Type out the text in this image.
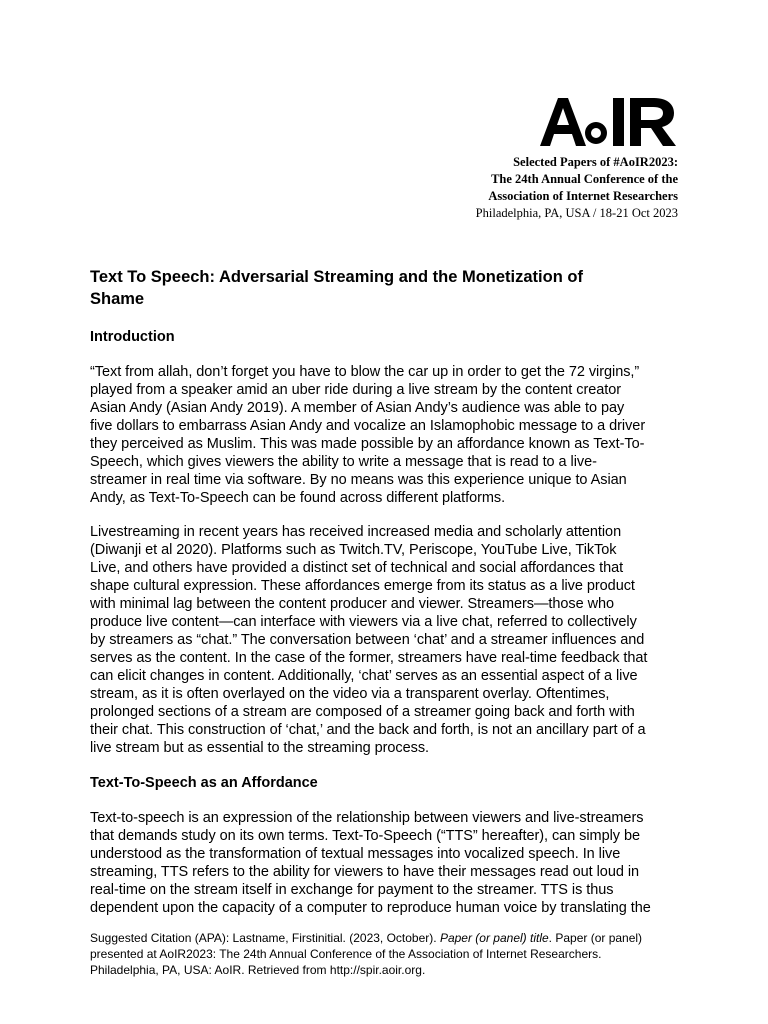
Selected Papers of #AoIR2023:
The 24th Annual Conference of the
Association of Internet Researchers
Philadelphia, PA, USA / 18-21 Oct 2023
Text To Speech: Adversarial Streaming and the Monetization of
Shame
Introduction

“Text from allah, don’t forget you have to blow the car up in order to get the 72 virgins,”
played from a speaker amid an uber ride during a live stream by the content creator
Asian Andy (Asian Andy 2019). A member of Asian Andy’s audience was able to pay
five dollars to embarrass Asian Andy and vocalize an Islamophobic message to a driver
they perceived as Muslim. This was made possible by an affordance known as Text-To-
Speech, which gives viewers the ability to write a message that is read to a live-
streamer in real time via software. By no means was this experience unique to Asian
Andy, as Text-To-Speech can be found across different platforms.

Livestreaming in recent years has received increased media and scholarly attention
(Diwanji et al 2020). Platforms such as Twitch.TV, Periscope, YouTube Live, TikTok
Live, and others have provided a distinct set of technical and social affordances that
shape cultural expression. These affordances emerge from its status as a live product
with minimal lag between the content producer and viewer. Streamers—those who
produce live content—can interface with viewers via a live chat, referred to collectively
by streamers as “chat.” The conversation between ‘chat’ and a streamer influences and
serves as the content. In the case of the former, streamers have real-time feedback that
can elicit changes in content. Additionally, ‘chat’ serves as an essential aspect of a live
stream, as it is often overlayed on the video via a transparent overlay. Oftentimes,
prolonged sections of a stream are composed of a streamer going back and forth with
their chat. This construction of ‘chat,’ and the back and forth, is not an ancillary part of a
live stream but as essential to the streaming process.

Text-To-Speech as an Affordance

Text-to-speech is an expression of the relationship between viewers and live-streamers
that demands study on its own terms. Text-To-Speech (“TTS” hereafter), can simply be
understood as the transformation of textual messages into vocalized speech. In live
streaming, TTS refers to the ability for viewers to have their messages read out loud in
real-time on the stream itself in exchange for payment to the streamer. TTS is thus
dependent upon the capacity of a computer to reproduce human voice by translating the

Suggested Citation (APA): Lastname, Firstinitial. (2023, October). Paper (or panel) title. Paper (or panel)
presented at AoIR2023: The 24th Annual Conference of the Association of Internet Researchers.
Philadelphia, PA, USA: AoIR. Retrieved from http://spir.aoir.org.
